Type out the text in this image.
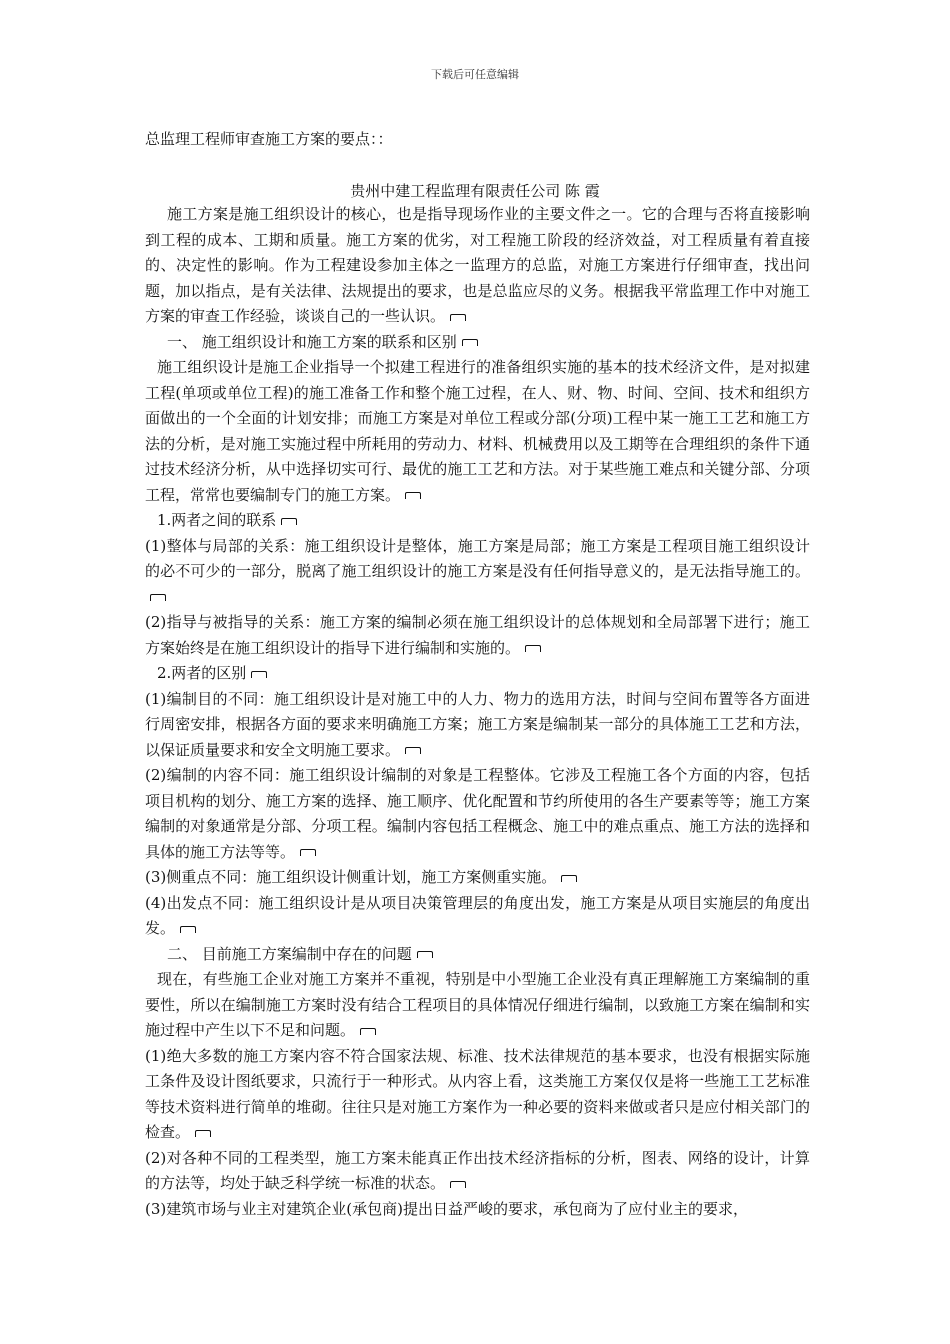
下载后可任意编辑
总监理工程师审查施工方案的要点：：
贵州中建工程监理有限责任公司 陈 霞

施工方案是施工组织设计的核心，也是指导现场作业的主要文件之一。它的合理与否将直接影响到工程的成本、工期和质量。施工方案的优劣，对工程施工阶段的经济效益，对工程质量有着直接的、决定性的影响。作为工程建设参加主体之一监理方的总监，对施工方案进行仔细审查，找出问题，加以指点，是有关法律、法规提出的要求，也是总监应尽的义务。根据我平常监理工作中对施工方案的审查工作经验，谈谈自己的一些认识。

一、 施工组织设计和施工方案的联系和区别

施工组织设计是施工企业指导一个拟建工程进行的准备组织实施的基本的技术经济文件，是对拟建工程(单项或单位工程)的施工准备工作和整个施工过程，在人、财、物、时间、空间、技术和组织方面做出的一个全面的计划安排；而施工方案是对单位工程或分部(分项)工程中某一施工工艺和施工方法的分析，是对施工实施过程中所耗用的劳动力、材料、机械费用以及工期等在合理组织的条件下通过技术经济分析，从中选择切实可行、最优的施工工艺和方法。对于某些施工难点和关键分部、分项工程，常常也要编制专门的施工方案。

1.两者之间的联系

(1)整体与局部的关系：施工组织设计是整体，施工方案是局部；施工方案是工程项目施工组织设计的必不可少的一部分，脱离了施工组织设计的施工方案是没有任何指导意义的，是无法指导施工的。

(2)指导与被指导的关系：施工方案的编制必须在施工组织设计的总体规划和全局部署下进行；施工方案始终是在施工组织设计的指导下进行编制和实施的。

2.两者的区别

(1)编制目的不同：施工组织设计是对施工中的人力、物力的选用方法，时间与空间布置等各方面进行周密安排，根据各方面的要求来明确施工方案；施工方案是编制某一部分的具体施工工艺和方法，以保证质量要求和安全文明施工要求。

(2)编制的内容不同：施工组织设计编制的对象是工程整体。它涉及工程施工各个方面的内容，包括项目机构的划分、施工方案的选择、施工顺序、优化配置和节约所使用的各生产要素等等；施工方案编制的对象通常是分部、分项工程。编制内容包括工程概念、施工中的难点重点、施工方法的选择和具体的施工方法等等。

(3)侧重点不同：施工组织设计侧重计划，施工方案侧重实施。

(4)出发点不同：施工组织设计是从项目决策管理层的角度出发，施工方案是从项目实施层的角度出发。

二、 目前施工方案编制中存在的问题

现在，有些施工企业对施工方案并不重视，特别是中小型施工企业没有真正理解施工方案编制的重要性，所以在编制施工方案时没有结合工程项目的具体情况仔细进行编制，以致施工方案在编制和实施过程中产生以下不足和问题。

(1)绝大多数的施工方案内容不符合国家法规、标准、技术法律规范的基本要求，也没有根据实际施工条件及设计图纸要求，只流行于一种形式。从内容上看，这类施工方案仅仅是将一些施工工艺标准等技术资料进行简单的堆砌。往往只是对施工方案作为一种必要的资料来做或者只是应付相关部门的检查。

(2)对各种不同的工程类型，施工方案未能真正作出技术经济指标的分析，图表、网络的设计，计算的方法等，均处于缺乏科学统一标准的状态。

(3)建筑市场与业主对建筑企业(承包商)提出日益严峻的要求，承包商为了应付业主的要求，
